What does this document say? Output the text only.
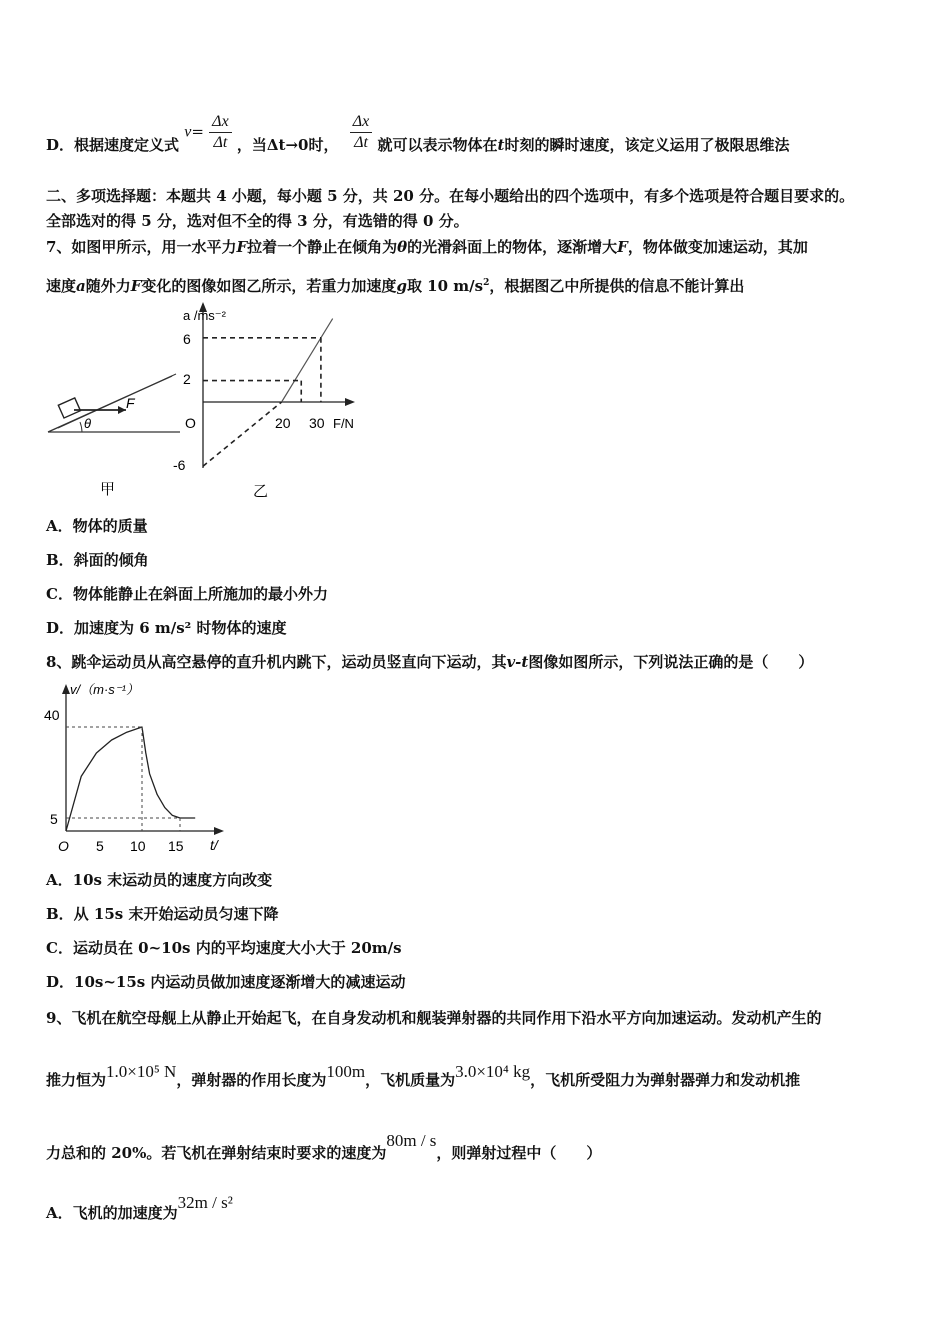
D．根据速度定义式 $v= \frac{\Delta x}{\Delta t}$ ，当Δt→0时， $\frac{\Delta x}{\Delta t}$ 就可以表示物体在t时刻的瞬时速度，该定义运用了极限思维法
二、多项选择题：本题共 4 小题，每小题 5 分，共 20 分。在每小题给出的四个选项中，有多个选项是符合题目要求的。
全部选对的得 5 分，选对但不全的得 3 分，有选错的得 0 分。
7、如图甲所示，用一水平力F拉着一个静止在倾角为θ的光滑斜面上的物体，逐渐增大F，物体做变加速运动，其加
速度a随外力F变化的图像如图乙所示，若重力加速度g取 10 $m/s^2$，根据图乙中所提供的信息不能计算出
F
θ
甲
a /ms⁻²
F/N
6
2
O
-6
20 30
乙
A．物体的质量
B．斜面的倾角
C．物体能静止在斜面上所施加的最小外力
D．加速度为 6 m/s² 时物体的速度
8、跳伞运动员从高空悬停的直升机内跳下，运动员竖直向下运动，其v-t图像如图所示，下列说法正确的是（　　）
v/（m·s⁻¹）
t/
40
5
O 5 10 15
A．10s 末运动员的速度方向改变
B．从 15s 末开始运动员匀速下降
C．运动员在 0~10s 内的平均速度大小大于 20m/s
D．10s~15s 内运动员做加速度逐渐增大的减速运动
9、飞机在航空母舰上从静止开始起飞，在自身发动机和舰装弹射器的共同作用下沿水平方向加速运动。发动机产生的
推力恒为1.0×10⁵ N，弹射器的作用长度为100m，飞机质量为3.0×10⁴ kg，飞机所受阻力为弹射器弹力和发动机推
力总和的 20%。若飞机在弹射结束时要求的速度为80m / s，则弹射过程中（　　）
A．飞机的加速度为32m / s²
